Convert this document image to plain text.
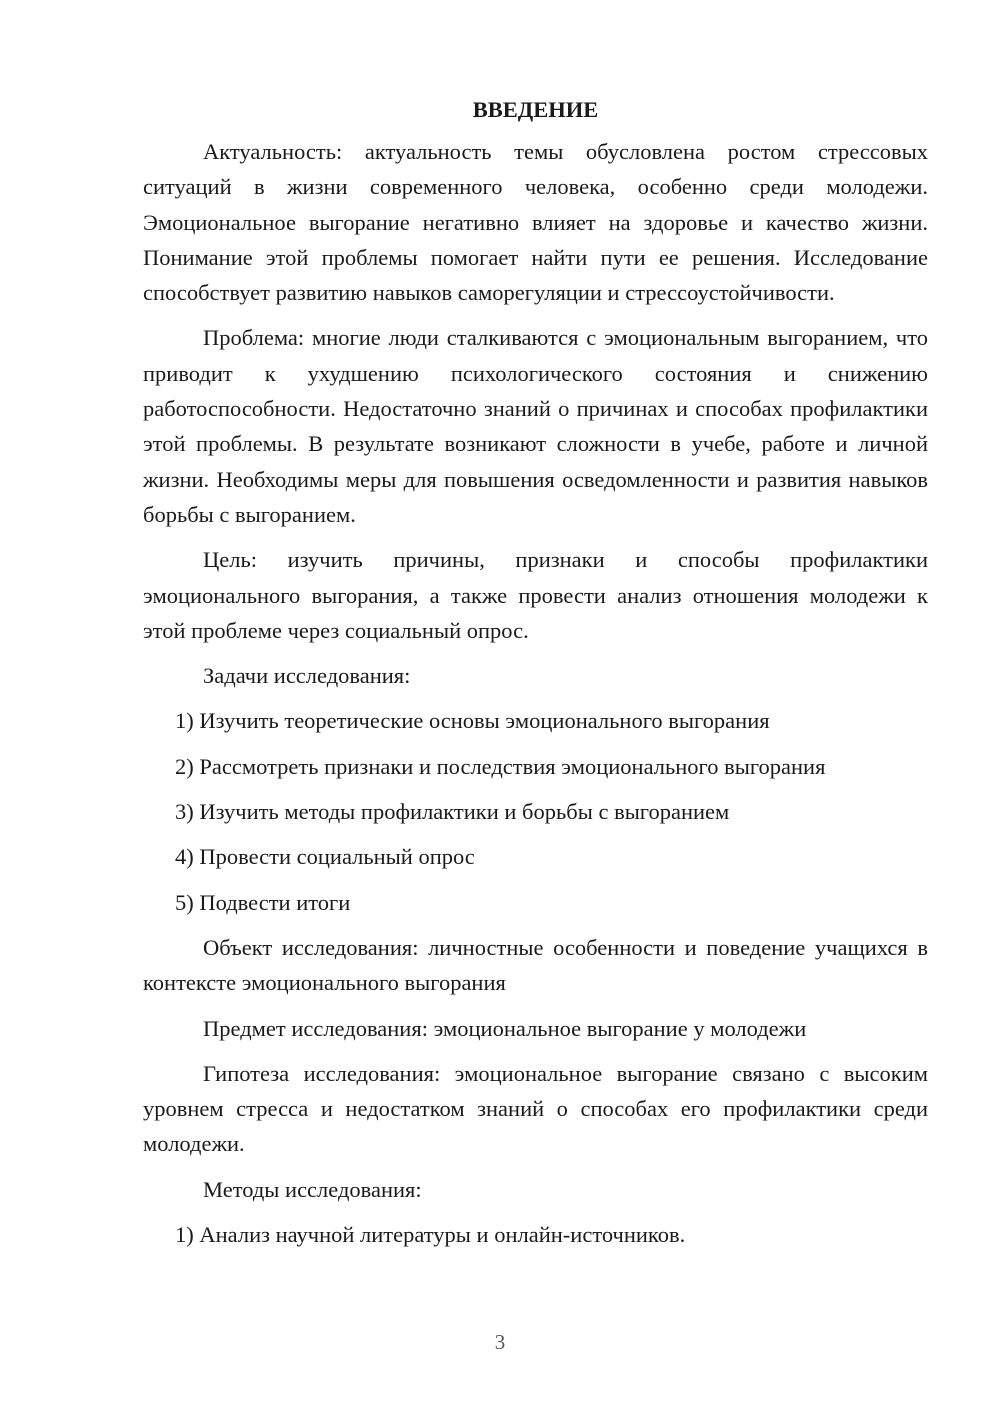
ВВЕДЕНИЕ

Актуальность: актуальность темы обусловлена ростом стрессовых ситуаций в жизни современного человека, особенно среди молодежи. Эмоциональное выгорание негативно влияет на здоровье и качество жизни. Понимание этой проблемы помогает найти пути ее решения. Исследование способствует развитию навыков саморегуляции и стрессоустойчивости.

Проблема: многие люди сталкиваются с эмоциональным выгоранием, что приводит к ухудшению психологического состояния и снижению работоспособности. Недостаточно знаний о причинах и способах профилактики этой проблемы. В результате возникают сложности в учебе, работе и личной жизни. Необходимы меры для повышения осведомленности и развития навыков борьбы с выгоранием.

Цель: изучить причины, признаки и способы профилактики эмоционального выгорания, а также провести анализ отношения молодежи к этой проблеме через социальный опрос.

Задачи исследования:

1) Изучить теоретические основы эмоционального выгорания
2) Рассмотреть признаки и последствия эмоционального выгорания
3) Изучить методы профилактики и борьбы с выгоранием
4) Провести социальный опрос
5) Подвести итоги

Объект исследования: личностные особенности и поведение учащихся в контексте эмоционального выгорания

Предмет исследования: эмоциональное выгорание у молодежи

Гипотеза исследования: эмоциональное выгорание связано с высоким уровнем стресса и недостатком знаний о способах его профилактики среди молодежи.

Методы исследования:

1) Анализ научной литературы и онлайн-источников.
3
